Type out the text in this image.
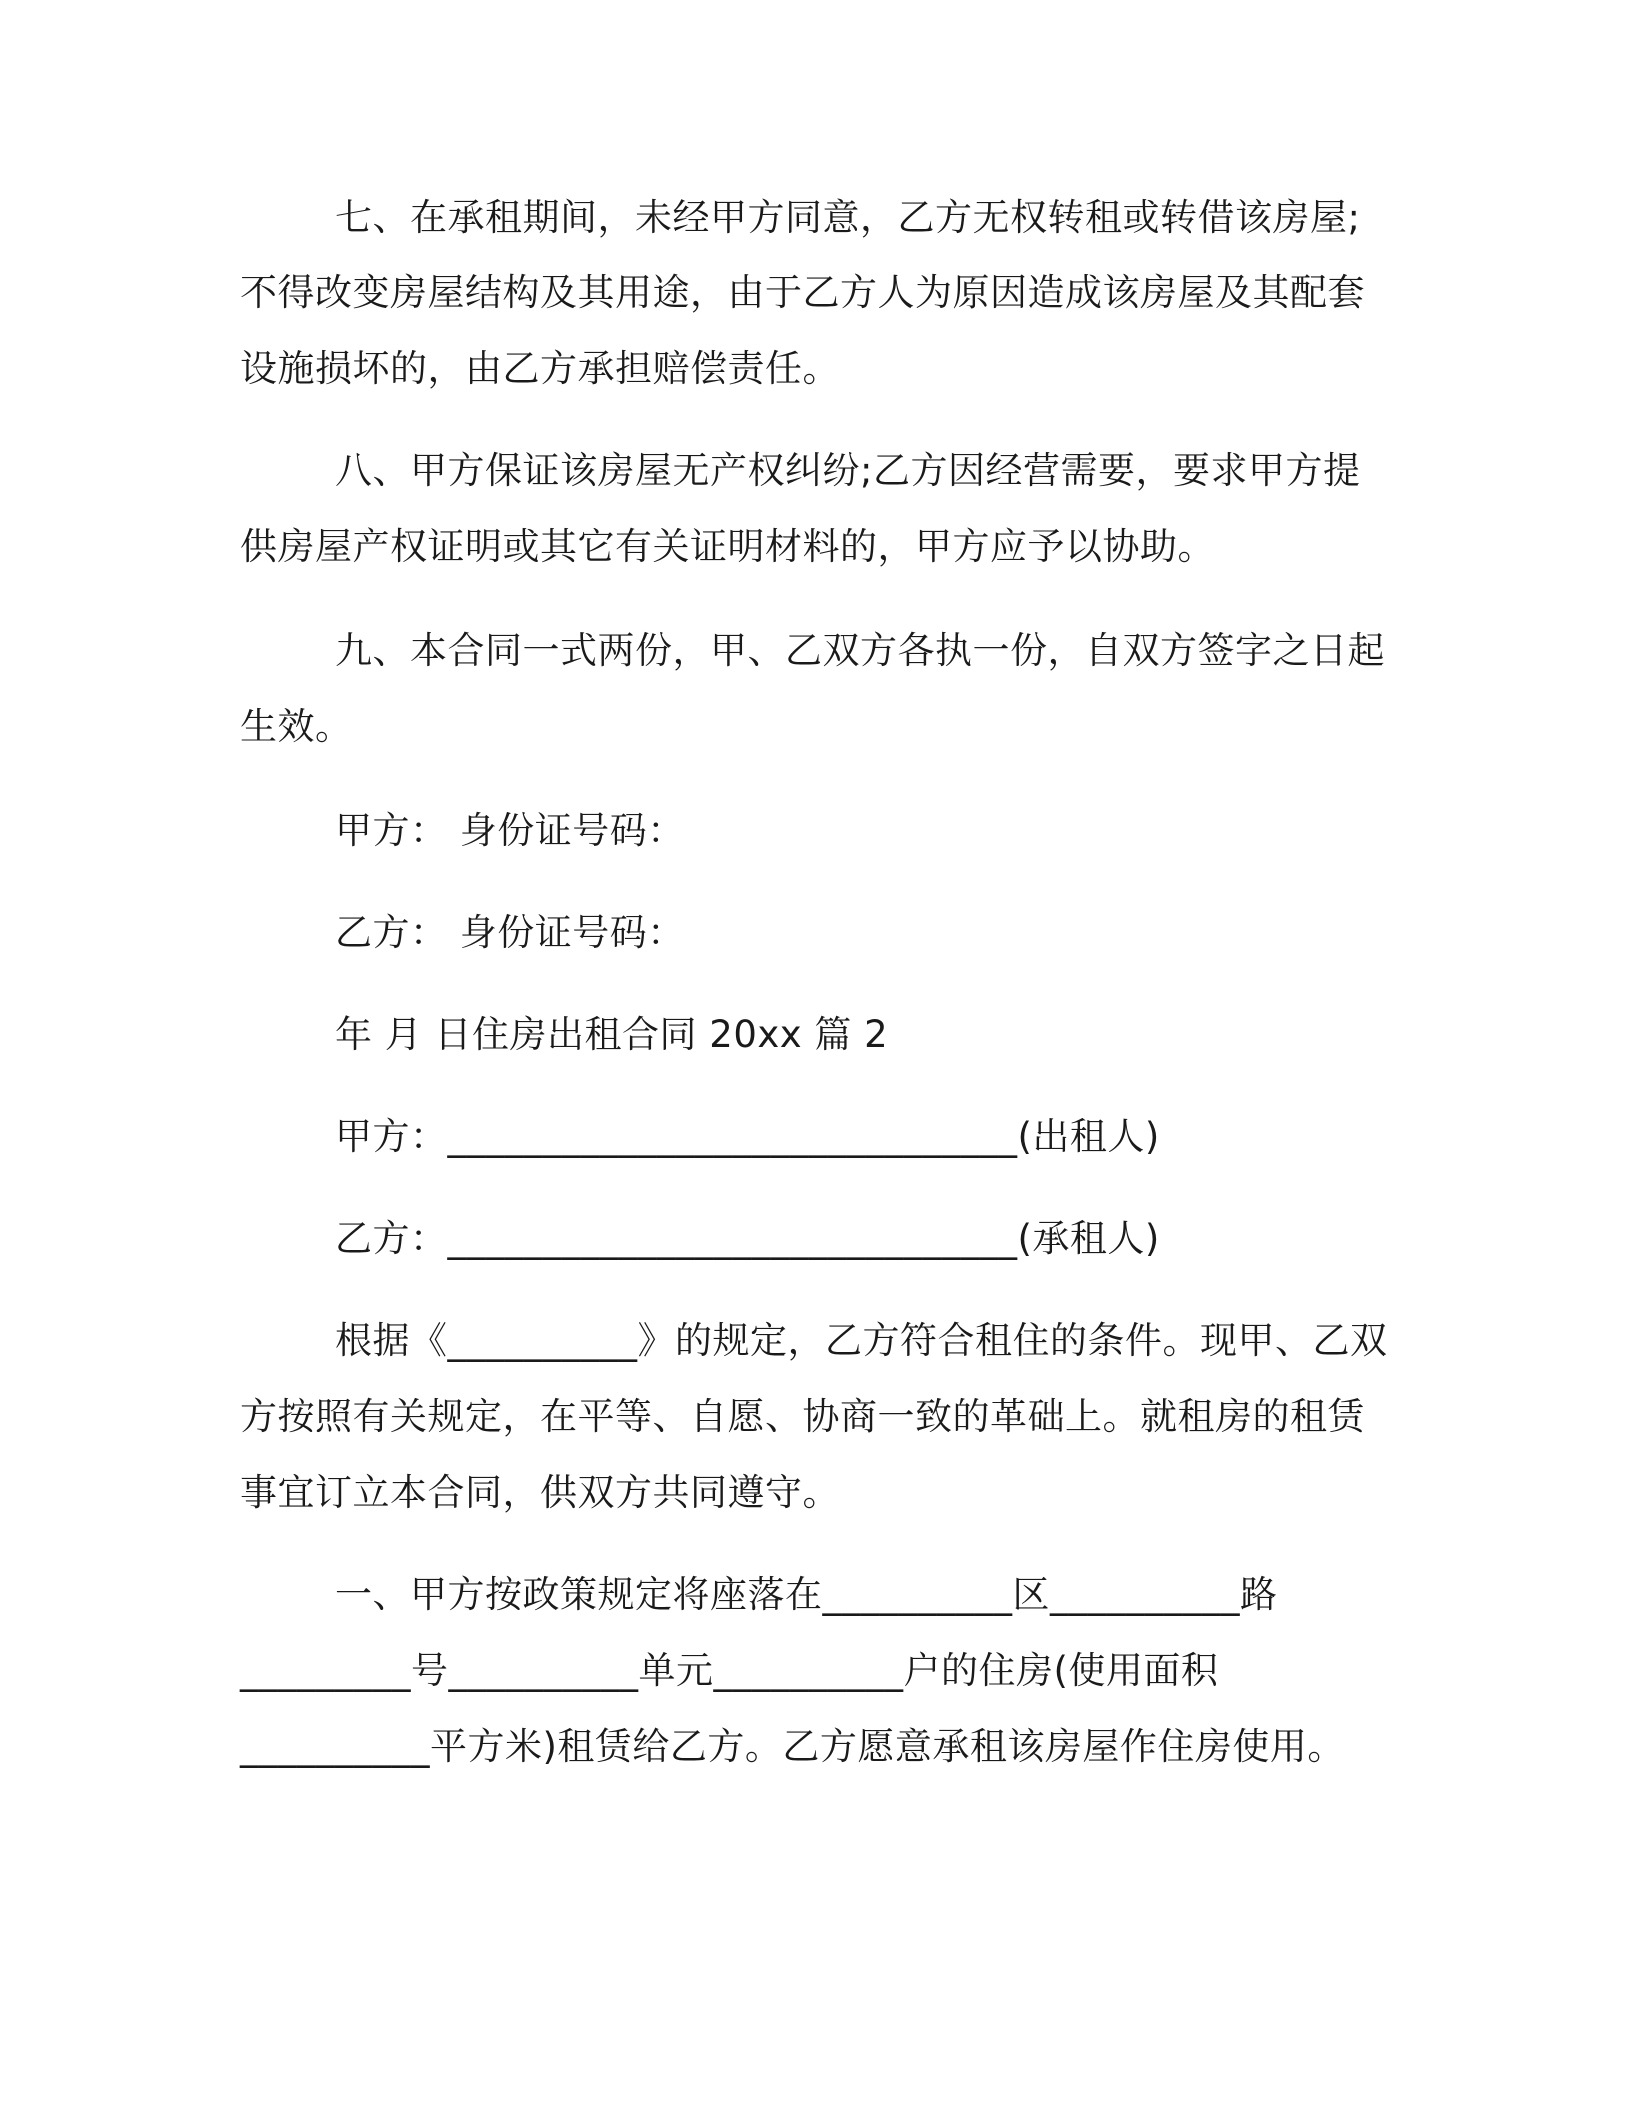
七、在承租期间，未经甲方同意，乙方无权转租或转借该房屋;
不得改变房屋结构及其用途，由于乙方人为原因造成该房屋及其配套
设施损坏的，由乙方承担赔偿责任。
八、甲方保证该房屋无产权纠纷;乙方因经营需要，要求甲方提
供房屋产权证明或其它有关证明材料的，甲方应予以协助。
九、本合同一式两份，甲、乙双方各执一份，自双方签字之日起
生效。
甲方： 身份证号码：
乙方： 身份证号码：
年 月 日住房出租合同 20xx 篇 2
甲方：______________________________(出租人)
乙方：______________________________(承租人)
根据《__________》的规定，乙方符合租住的条件。现甲、乙双
方按照有关规定，在平等、自愿、协商一致的革础上。就租房的租赁
事宜订立本合同，供双方共同遵守。
一、甲方按政策规定将座落在__________区__________路
_________号__________单元__________户的住房(使用面积
__________平方米)租赁给乙方。乙方愿意承租该房屋作住房使用。
